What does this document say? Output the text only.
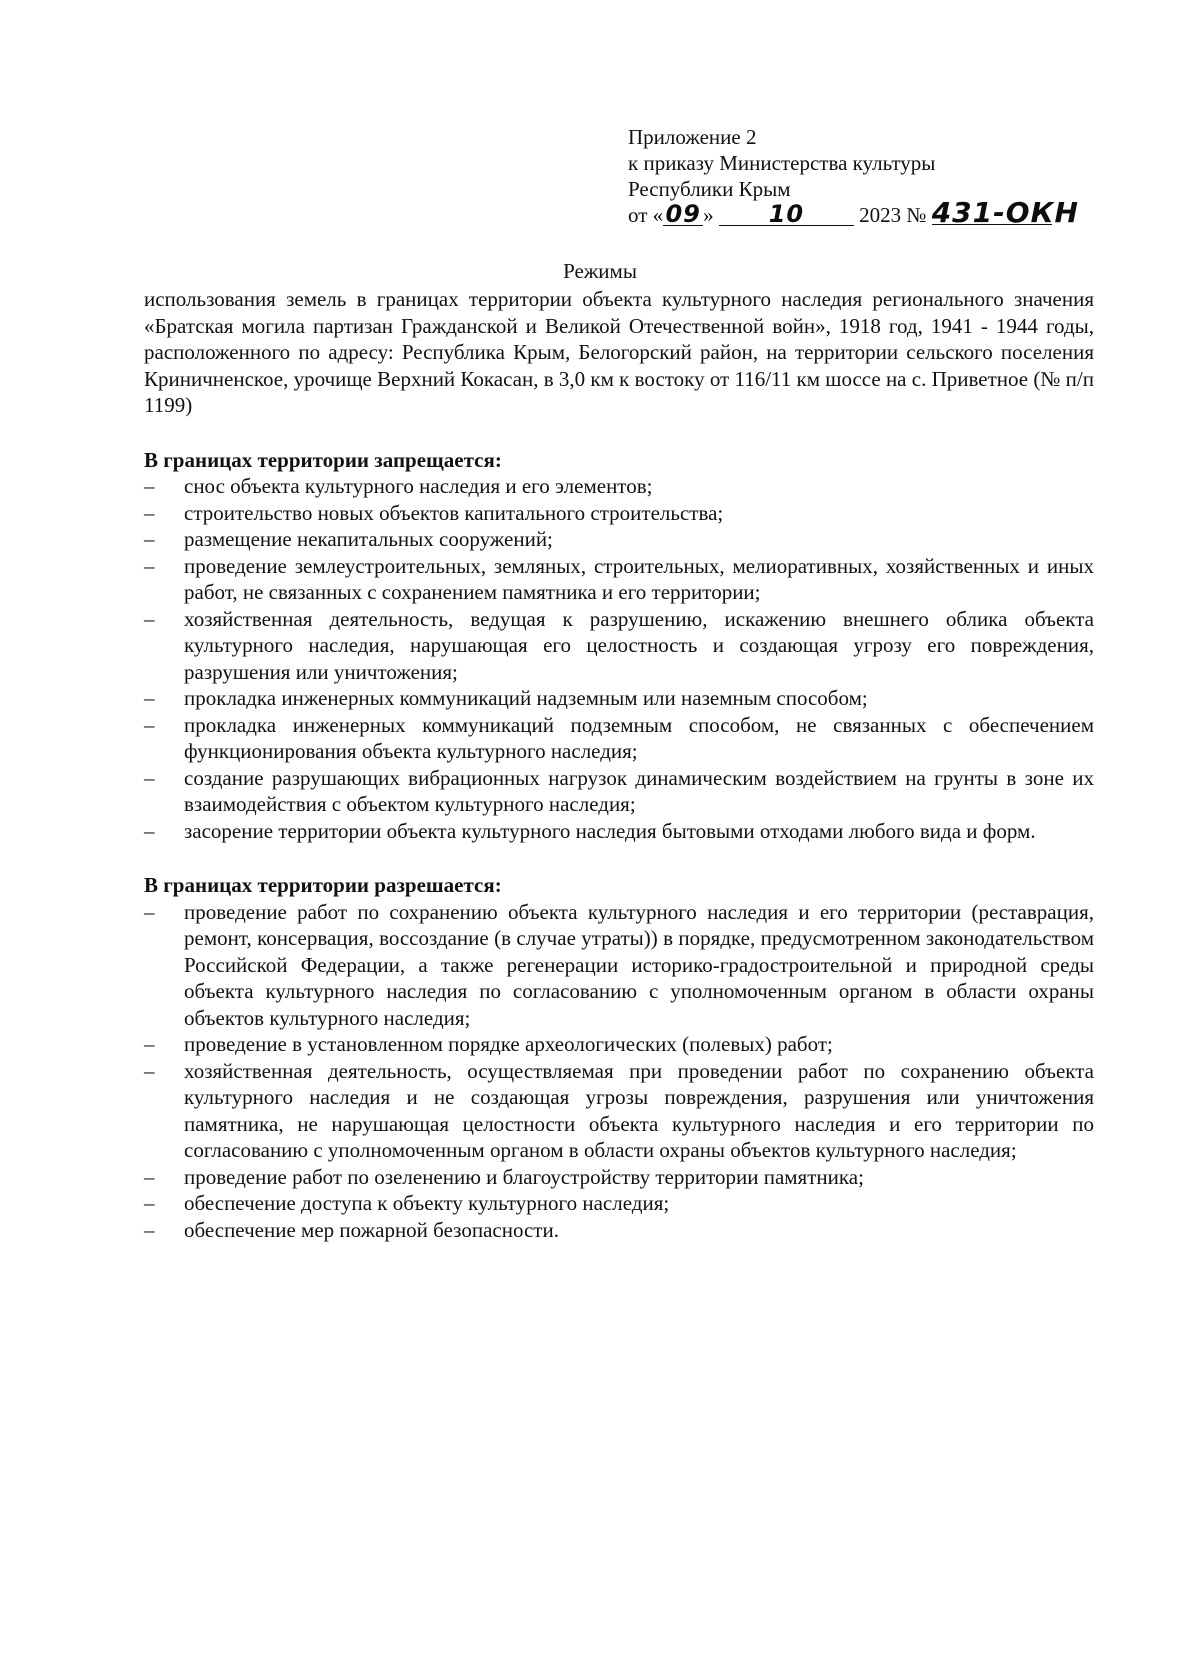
Приложение 2
к приказу Министерства культуры
Республики Крым
от «09 » 10	2023 № 431-ОКН
Режимы

использования земель в границах территории объекта культурного наследия регионального значения «Братская могила партизан Гражданской и Великой Отечественной войн», 1918 год, 1941 - 1944 годы, расположенного по адресу: Республика Крым, Белогорский район, на территории сельского поселения Криничненское, урочище Верхний Кокасан, в 3,0 км к востоку от 116/11 км шоссе на с. Приветное (№ п/п 1199)

В границах территории запрещается:
– снос объекта культурного наследия и его элементов;
– строительство новых объектов капитального строительства;
– размещение некапитальных сооружений;
– проведение землеустроительных, земляных, строительных, мелиоративных, хозяйственных и иных работ, не связанных с сохранением памятника и его территории;
– хозяйственная деятельность, ведущая к разрушению, искажению внешнего облика объекта культурного наследия, нарушающая его целостность и создающая угрозу его повреждения, разрушения или уничтожения;
– прокладка инженерных коммуникаций надземным или наземным способом;
– прокладка инженерных коммуникаций подземным способом, не связанных с обеспечением функционирования объекта культурного наследия;
– создание разрушающих вибрационных нагрузок динамическим воздействием на грунты в зоне их взаимодействия с объектом культурного наследия;
– засорение территории объекта культурного наследия бытовыми отходами любого вида и форм.
В границах территории разрешается:
– проведение работ по сохранению объекта культурного наследия и его территории (реставрация, ремонт, консервация, воссоздание (в случае утраты)) в порядке, предусмотренном законодательством Российской Федерации, а также регенерации историко-градостроительной и природной среды объекта культурного наследия по согласованию с уполномоченным органом в области охраны объектов культурного наследия;
– проведение в установленном порядке археологических (полевых) работ;
– хозяйственная деятельность, осуществляемая при проведении работ по сохранению объекта культурного наследия и не создающая угрозы повреждения, разрушения или уничтожения памятника, не нарушающая целостности объекта культурного наследия и его территории по согласованию с уполномоченным органом в области охраны объектов культурного наследия;
– проведение работ по озеленению и благоустройству территории памятника;
– обеспечение доступа к объекту культурного наследия;
– обеспечение мер пожарной безопасности.
